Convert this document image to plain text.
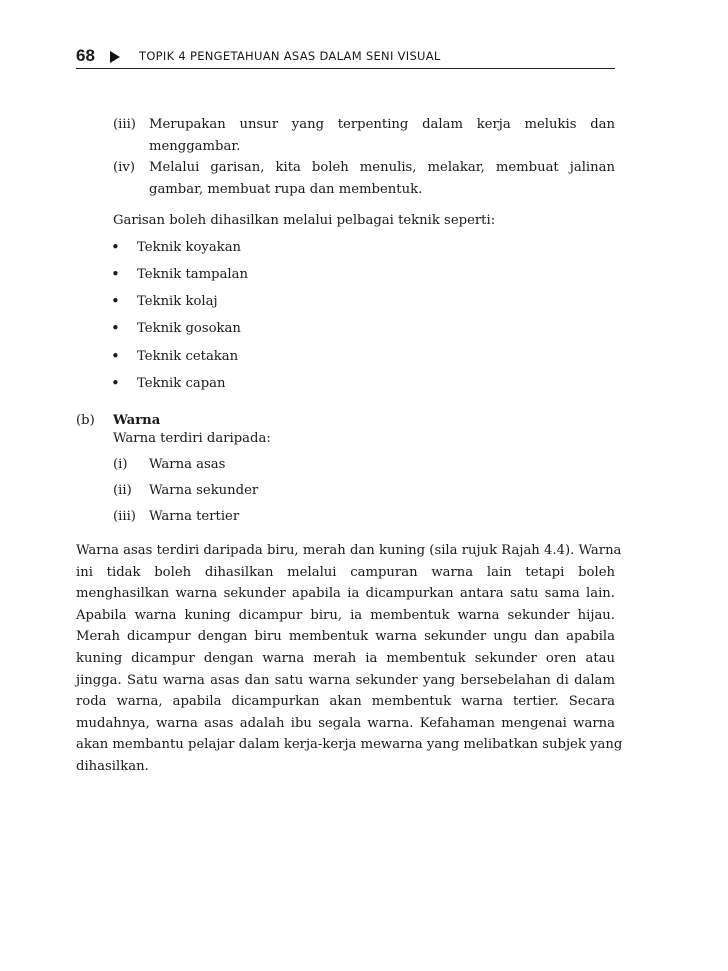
68	TOPIK 4 PENGETAHUAN ASAS DALAM SENI VISUAL
(iii) Merupakan unsur yang terpenting dalam kerja melukis dan
menggambar.
(iv) Melalui garisan, kita boleh menulis, melakar, membuat jalinan
gambar, membuat rupa dan membentuk.
Garisan boleh dihasilkan melalui pelbagai teknik seperti:
• Teknik koyakan
• Teknik tampalan
• Teknik kolaj
• Teknik gosokan
• Teknik cetakan
• Teknik capan
(b) Warna
Warna terdiri daripada:
(i) Warna asas
(ii) Warna sekunder
(iii) Warna tertier
Warna asas terdiri daripada biru, merah dan kuning (sila rujuk Rajah 4.4). Warna
ini tidak boleh dihasilkan melalui campuran warna lain tetapi boleh
menghasilkan warna sekunder apabila ia dicampurkan antara satu sama lain.
Apabila warna kuning dicampur biru, ia membentuk warna sekunder hijau.
Merah dicampur dengan biru membentuk warna sekunder ungu dan apabila
kuning dicampur dengan warna merah ia membentuk sekunder oren atau
jingga. Satu warna asas dan satu warna sekunder yang bersebelahan di dalam
roda warna, apabila dicampurkan akan membentuk warna tertier. Secara
mudahnya, warna asas adalah ibu segala warna. Kefahaman mengenai warna
akan membantu pelajar dalam kerja-kerja mewarna yang melibatkan subjek yang
dihasilkan.
